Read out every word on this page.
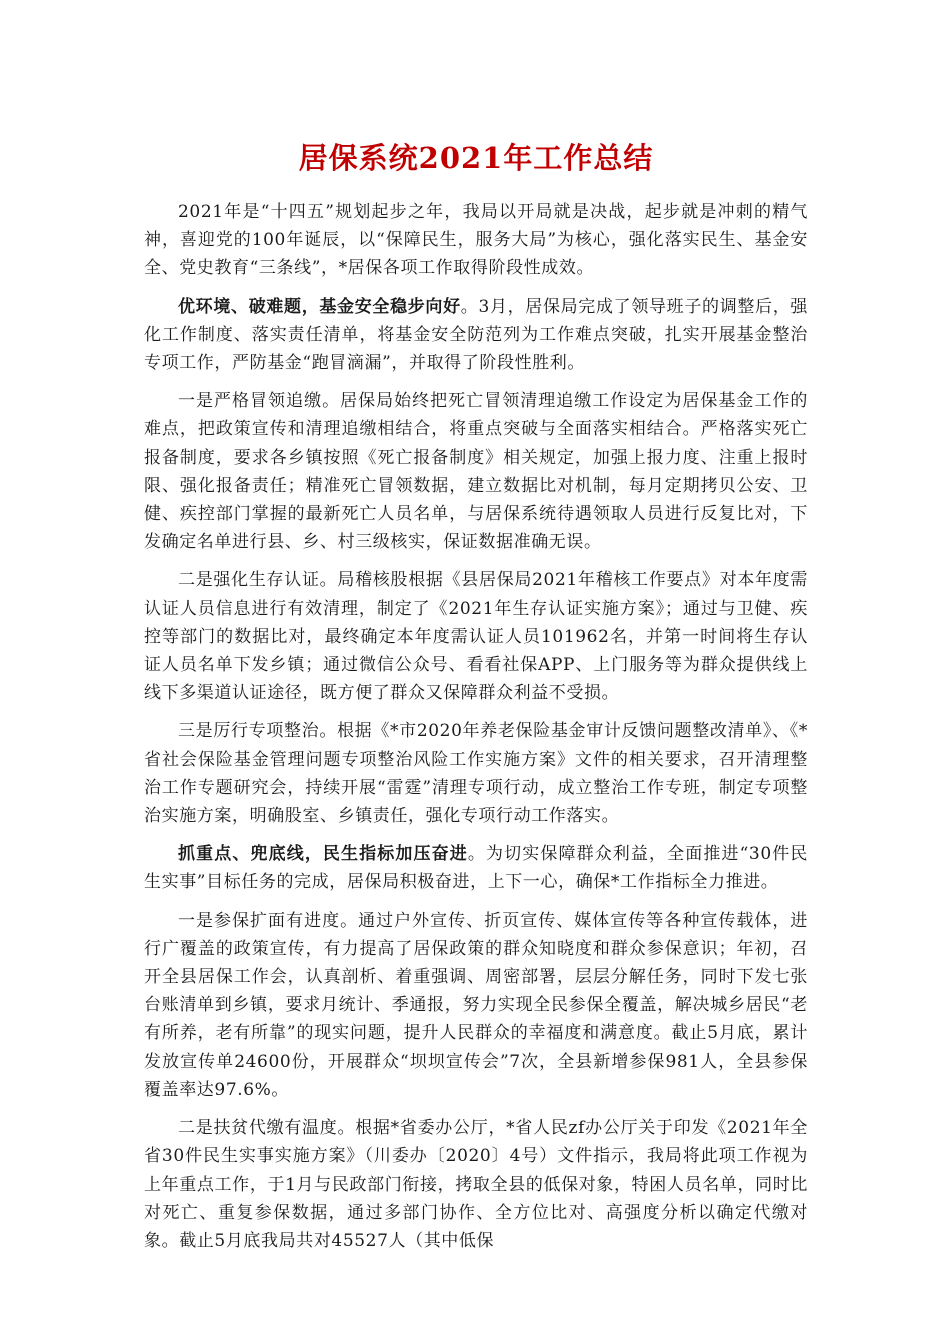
居保系统2021年工作总结

2021年是“十四五”规划起步之年，我局以开局就是决战，起步就是冲刺的精气神，喜迎党的100年诞辰，以“保障民生，服务大局”为核心，强化落实民生、基金安全、党史教育“三条线”，*居保各项工作取得阶段性成效。

优环境、破难题，基金安全稳步向好。3月，居保局完成了领导班子的调整后，强化工作制度、落实责任清单，将基金安全防范列为工作难点突破，扎实开展基金整治专项工作，严防基金“跑冒滴漏”，并取得了阶段性胜利。

一是严格冒领追缴。居保局始终把死亡冒领清理追缴工作设定为居保基金工作的难点，把政策宣传和清理追缴相结合，将重点突破与全面落实相结合。严格落实死亡报备制度，要求各乡镇按照《死亡报备制度》相关规定，加强上报力度、注重上报时限、强化报备责任；精准死亡冒领数据，建立数据比对机制，每月定期拷贝公安、卫健、疾控部门掌握的最新死亡人员名单，与居保系统待遇领取人员进行反复比对，下发确定名单进行县、乡、村三级核实，保证数据准确无误。

二是强化生存认证。局稽核股根据《县居保局2021年稽核工作要点》对本年度需认证人员信息进行有效清理，制定了《2021年生存认证实施方案》；通过与卫健、疾控等部门的数据比对，最终确定本年度需认证人员101962名，并第一时间将生存认证人员名单下发乡镇；通过微信公众号、看看社保APP、上门服务等为群众提供线上线下多渠道认证途径，既方便了群众又保障群众利益不受损。

三是厉行专项整治。根据《*市2020年养老保险基金审计反馈问题整改清单》、《*省社会保险基金管理问题专项整治风险工作实施方案》文件的相关要求，召开清理整治工作专题研究会，持续开展“雷霆”清理专项行动，成立整治工作专班，制定专项整治实施方案，明确股室、乡镇责任，强化专项行动工作落实。

抓重点、兜底线，民生指标加压奋进。为切实保障群众利益，全面推进“30件民生实事”目标任务的完成，居保局积极奋进，上下一心，确保*工作指标全力推进。

一是参保扩面有进度。通过户外宣传、折页宣传、媒体宣传等各种宣传载体，进行广覆盖的政策宣传，有力提高了居保政策的群众知晓度和群众参保意识；年初，召开全县居保工作会，认真剖析、着重强调、周密部署，层层分解任务，同时下发七张台账清单到乡镇，要求月统计、季通报，努力实现全民参保全覆盖，解决城乡居民“老有所养，老有所靠”的现实问题，提升人民群众的幸福度和满意度。截止5月底，累计发放宣传单24600份，开展群众“坝坝宣传会”7次，全县新增参保981人，全县参保覆盖率达97.6%。

二是扶贫代缴有温度。根据*省委办公厅，*省人民zf办公厅关于印发《2021年全省30件民生实事实施方案》（川委办〔2020〕4号）文件指示，我局将此项工作视为上年重点工作，于1月与民政部门衔接，拷取全县的低保对象，特困人员名单，同时比对死亡、重复参保数据，通过多部门协作、全方位比对、高强度分析以确定代缴对象。截止5月底我局共对45527人（其中低保
